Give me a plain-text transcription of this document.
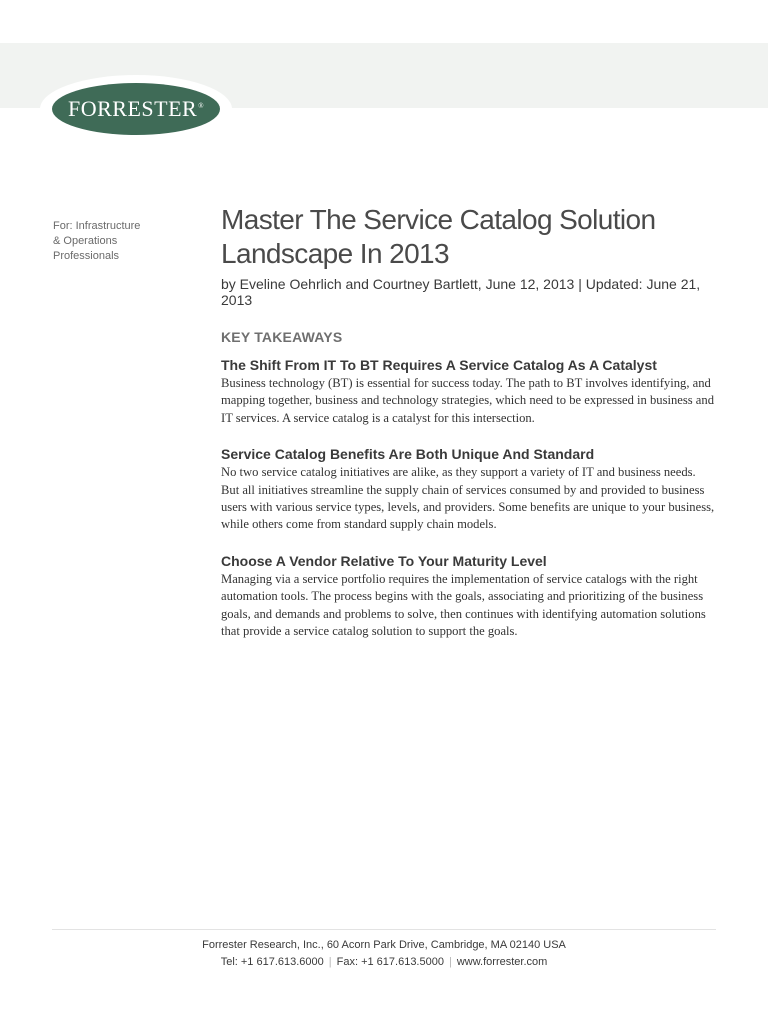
FORRESTER®
For: Infrastructure
& Operations
Professionals
Master The Service Catalog Solution Landscape In 2013

by Eveline Oehrlich and Courtney Bartlett, June 12, 2013 | Updated: June 21, 2013

KEY TAKEAWAYS
The Shift From IT To BT Requires A Service Catalog As A Catalyst

Business technology (BT) is essential for success today. The path to BT involves identifying, and mapping together, business and technology strategies, which need to be expressed in business and IT services. A service catalog is a catalyst for this intersection.

Service Catalog Benefits Are Both Unique And Standard

No two service catalog initiatives are alike, as they support a variety of IT and business needs. But all initiatives streamline the supply chain of services consumed by and provided to business users with various service types, levels, and providers. Some benefits are unique to your business, while others come from standard supply chain models.

Choose A Vendor Relative To Your Maturity Level

Managing via a service portfolio requires the implementation of service catalogs with the right automation tools. The process begins with the goals, associating and prioritizing of the business goals, and demands and problems to solve, then continues with identifying automation solutions that provide a service catalog solution to support the goals.

Forrester Research, Inc., 60 Acorn Park Drive, Cambridge, MA 02140 USA
Tel: +1 617.613.6000 | Fax: +1 617.613.5000 | www.forrester.com
